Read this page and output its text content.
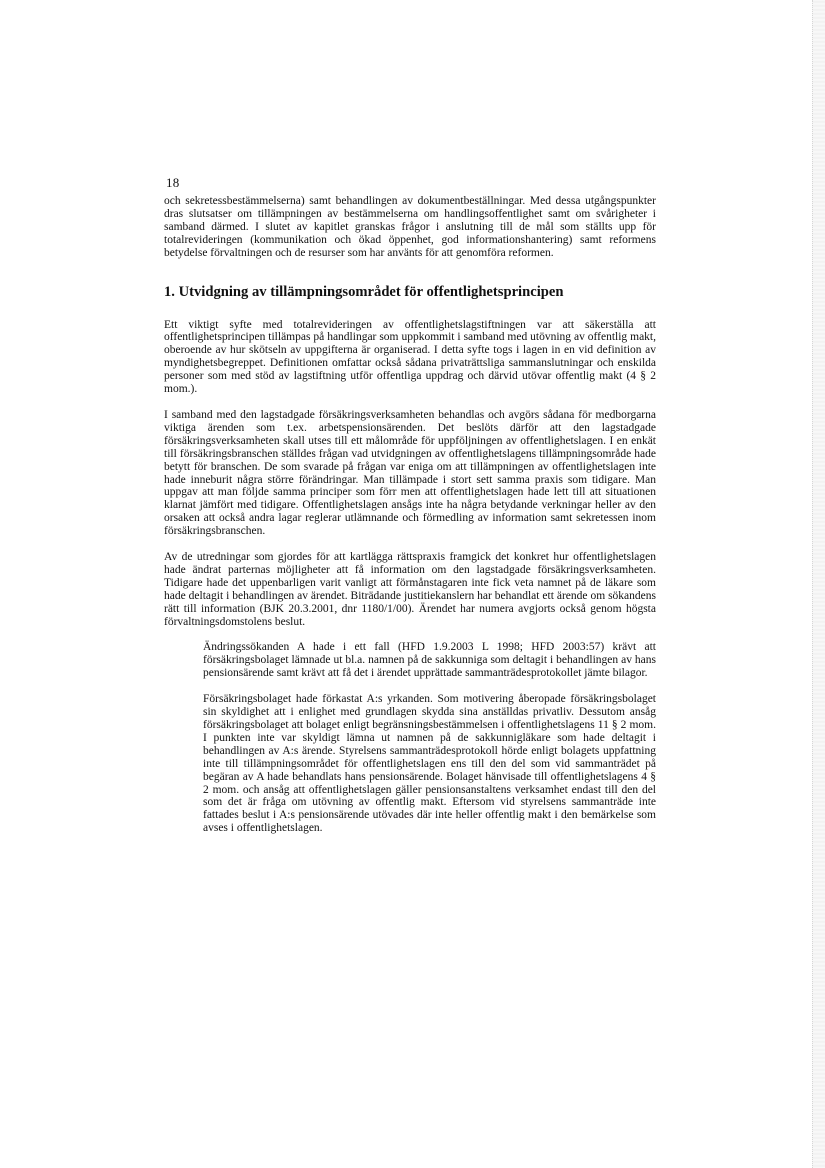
18

och sekretessbestämmelserna) samt behandlingen av dokumentbeställningar. Med dessa utgångspunkter dras slutsatser om tillämpningen av bestämmelserna om handlingsoffentlighet samt om svårigheter i samband därmed. I slutet av kapitlet granskas frågor i anslutning till de mål som ställts upp för totalrevideringen (kommunikation och ökad öppenhet, god informationshantering) samt reformens betydelse förvaltningen och de resurser som har använts för att genomföra reformen.

1. Utvidgning av tillämpningsområdet för offentlighetsprincipen

Ett viktigt syfte med totalrevideringen av offentlighetslagstiftningen var att säkerställa att offentlighetsprincipen tillämpas på handlingar som uppkommit i samband med utövning av offentlig makt, oberoende av hur skötseln av uppgifterna är organiserad. I detta syfte togs i lagen in en vid definition av myndighetsbegreppet. Definitionen omfattar också sådana privaträttsliga sammanslutningar och enskilda personer som med stöd av lagstiftning utför offentliga uppdrag och därvid utövar offentlig makt (4 § 2 mom.).

I samband med den lagstadgade försäkringsverksamheten behandlas och avgörs sådana för medborgarna viktiga ärenden som t.ex. arbetspensionsärenden. Det beslöts därför att den lagstadgade försäkringsverksamheten skall utses till ett målområde för uppföljningen av offentlighetslagen. I en enkät till försäkringsbranschen ställdes frågan vad utvidgningen av offentlighetslagens tillämpningsområde hade betytt för branschen. De som svarade på frågan var eniga om att tillämpningen av offentlighetslagen inte hade inneburit några större förändringar. Man tillämpade i stort sett samma praxis som tidigare. Man uppgav att man följde samma principer som förr men att offentlighetslagen hade lett till att situationen klarnat jämfört med tidigare. Offentlighetslagen ansågs inte ha några betydande verkningar heller av den orsaken att också andra lagar reglerar utlämnande och förmedling av information samt sekretessen inom försäkringsbranschen.

Av de utredningar som gjordes för att kartlägga rättspraxis framgick det konkret hur offentlighetslagen hade ändrat parternas möjligheter att få information om den lagstadgade försäkringsverksamheten. Tidigare hade det uppenbarligen varit vanligt att förmånstagaren inte fick veta namnet på de läkare som hade deltagit i behandlingen av ärendet. Biträdande justitiekanslern har behandlat ett ärende om sökandens rätt till information (BJK 20.3.2001, dnr 1180/1/00). Ärendet har numera avgjorts också genom högsta förvaltningsdomstolens beslut.

Ändringssökanden A hade i ett fall (HFD 1.9.2003 L 1998; HFD 2003:57) krävt att försäkringsbolaget lämnade ut bl.a. namnen på de sakkunniga som deltagit i behandlingen av hans pensionsärende samt krävt att få det i ärendet upprättade sammanträdesprotokollet jämte bilagor.

Försäkringsbolaget hade förkastat A:s yrkanden. Som motivering åberopade försäkringsbolaget sin skyldighet att i enlighet med grundlagen skydda sina anställdas privatliv. Dessutom ansåg försäkringsbolaget att bolaget enligt begränsningsbestämmelsen i offentlighetslagens 11 § 2 mom. I punkten inte var skyldigt lämna ut namnen på de sakkunnigläkare som hade deltagit i behandlingen av A:s ärende. Styrelsens sammanträdesprotokoll hörde enligt bolagets uppfattning inte till tillämpningsområdet för offentlighetslagen ens till den del som vid sammanträdet på begäran av A hade behandlats hans pensionsärende. Bolaget hänvisade till offentlighetslagens 4 § 2 mom. och ansåg att offentlighetslagen gäller pensionsanstaltens verksamhet endast till den del som det är fråga om utövning av offentlig makt. Eftersom vid styrelsens sammanträde inte fattades beslut i A:s pensionsärende utövades där inte heller offentlig makt i den bemärkelse som avses i offentlighetslagen.
